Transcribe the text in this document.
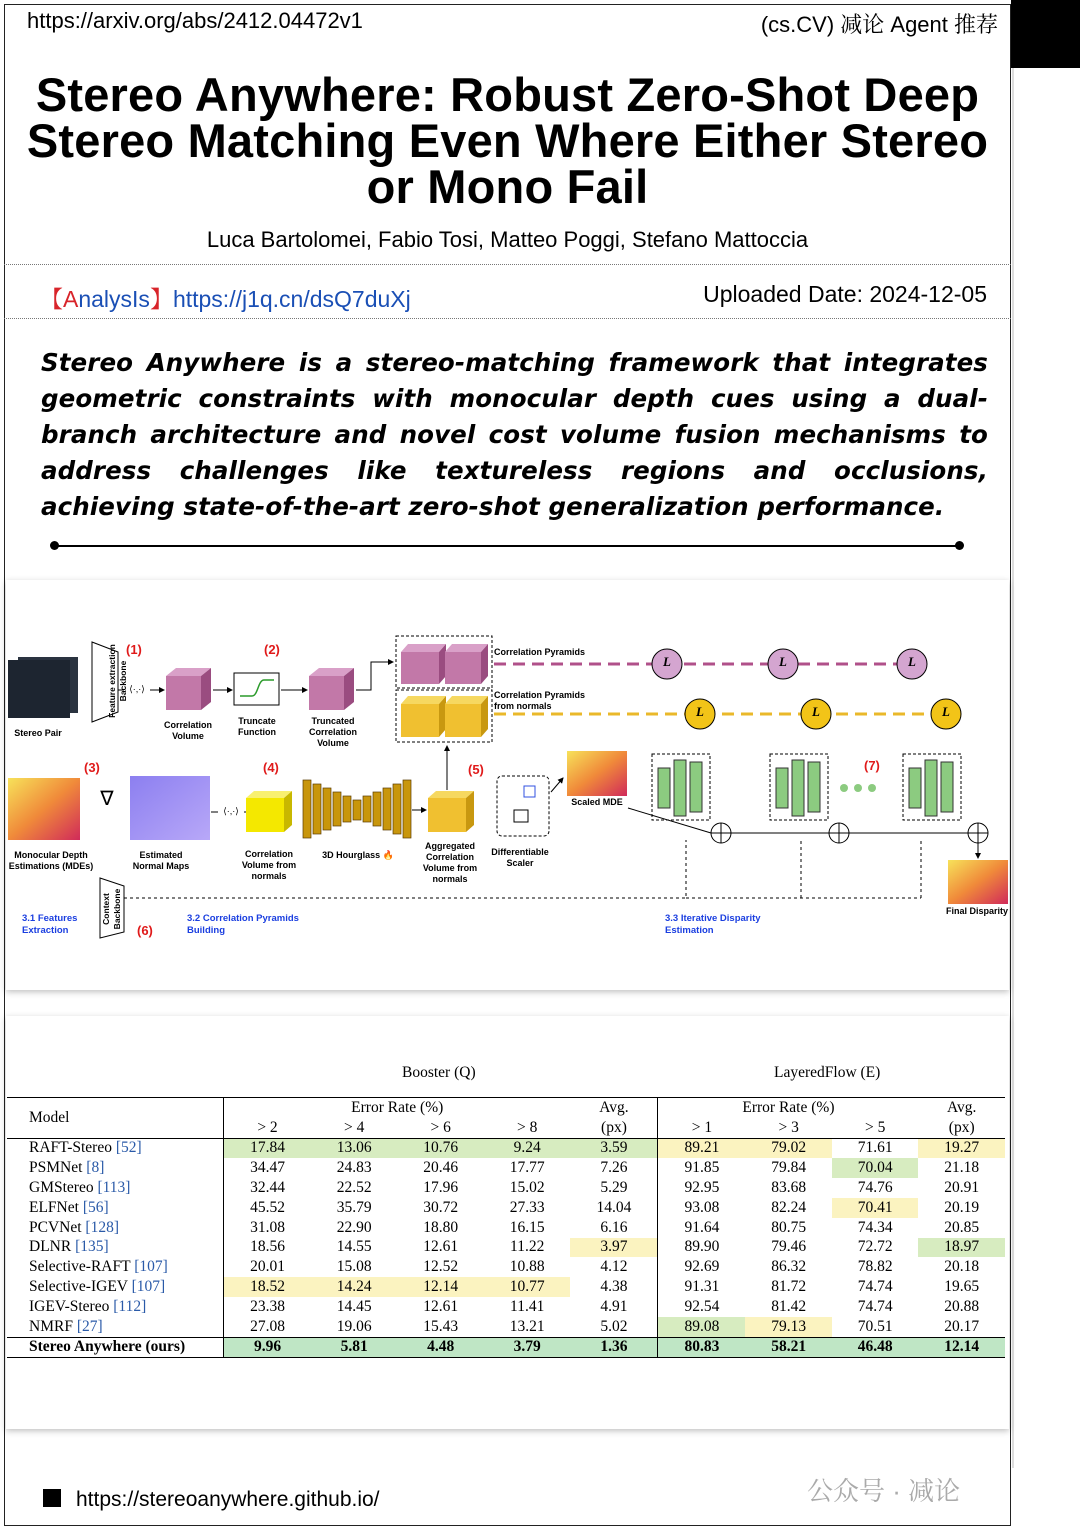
https://arxiv.org/abs/2412.04472v1	(cs.CV) 减论 Agent 推荐
Stereo Anywhere: Robust Zero-Shot Deep
Stereo Matching Even Where Either Stereo
or Mono Fail
Luca Bartolomei, Fabio Tosi, Matteo Poggi, Stefano Mattoccia
【AnalysIs】https://j1q.cn/dsQ7duXj	Uploaded Date: 2024-12-05
Stereo Anywhere is a stereo-matching framework that integrates geometric constraints with monocular depth cues using a dual-branch architecture and novel cost volume fusion mechanisms to address challenges like textureless regions and occlusions, achieving state-of-the-art zero-shot generalization performance.
Stereo Pair
Feature extraction Backbone ⟨·,·⟩
Correlation Volume
Truncate Function
Truncated Correlation Volume
Correlation Pyramids
Correlation Pyramids from normals
Monocular Depth Estimations (MDEs)
∇
Estimated Normal Maps
⟨·,·⟩
Correlation Volume from normals
3D Hourglass 🔥
Aggregated Correlation Volume from normals
Differentiable Scaler
Scaled MDE
Final Disparity
Context Backbone
3.1 Features Extraction
3.2 Correlation Pyramids Building
3.3 Iterative Disparity Estimation
(1)	(2)
(3)	(4)	(5)
(6)
(7)
L	L	L
L	L	L
Booster (Q)	LayeredFlow (E)
Model	Error Rate (%)				Avg.	Error Rate (%)			Avg.
	> 2	> 4	> 6	> 8	(px)	> 1	> 3	> 5	(px)
RAFT-Stereo [52]	17.84	13.06	10.76	9.24	3.59	89.21	79.02	71.61	19.27
PSMNet [8]	34.47	24.83	20.46	17.77	7.26	91.85	79.84	70.04	21.18
GMStereo [113]	32.44	22.52	17.96	15.02	5.29	92.95	83.68	74.76	20.91
ELFNet [56]	45.52	35.79	30.72	27.33	14.04	93.08	82.24	70.41	20.19
PCVNet [128]	31.08	22.90	18.80	16.15	6.16	91.64	80.75	74.34	20.85
DLNR [135]	18.56	14.55	12.61	11.22	3.97	89.90	79.46	72.72	18.97
Selective-RAFT [107]	20.01	15.08	12.52	10.88	4.12	92.69	86.32	78.82	20.18
Selective-IGEV [107]	18.52	14.24	12.14	10.77	4.38	91.31	81.72	74.74	19.65
IGEV-Stereo [112]	23.38	14.45	12.61	11.41	4.91	92.54	81.42	74.74	20.88
NMRF [27]	27.08	19.06	15.43	13.21	5.02	89.08	79.13	70.51	20.17
Stereo Anywhere (ours)	9.96	5.81	4.48	3.79	1.36	80.83	58.21	46.48	12.14
https://stereoanywhere.github.io/	公众号 · 减论
